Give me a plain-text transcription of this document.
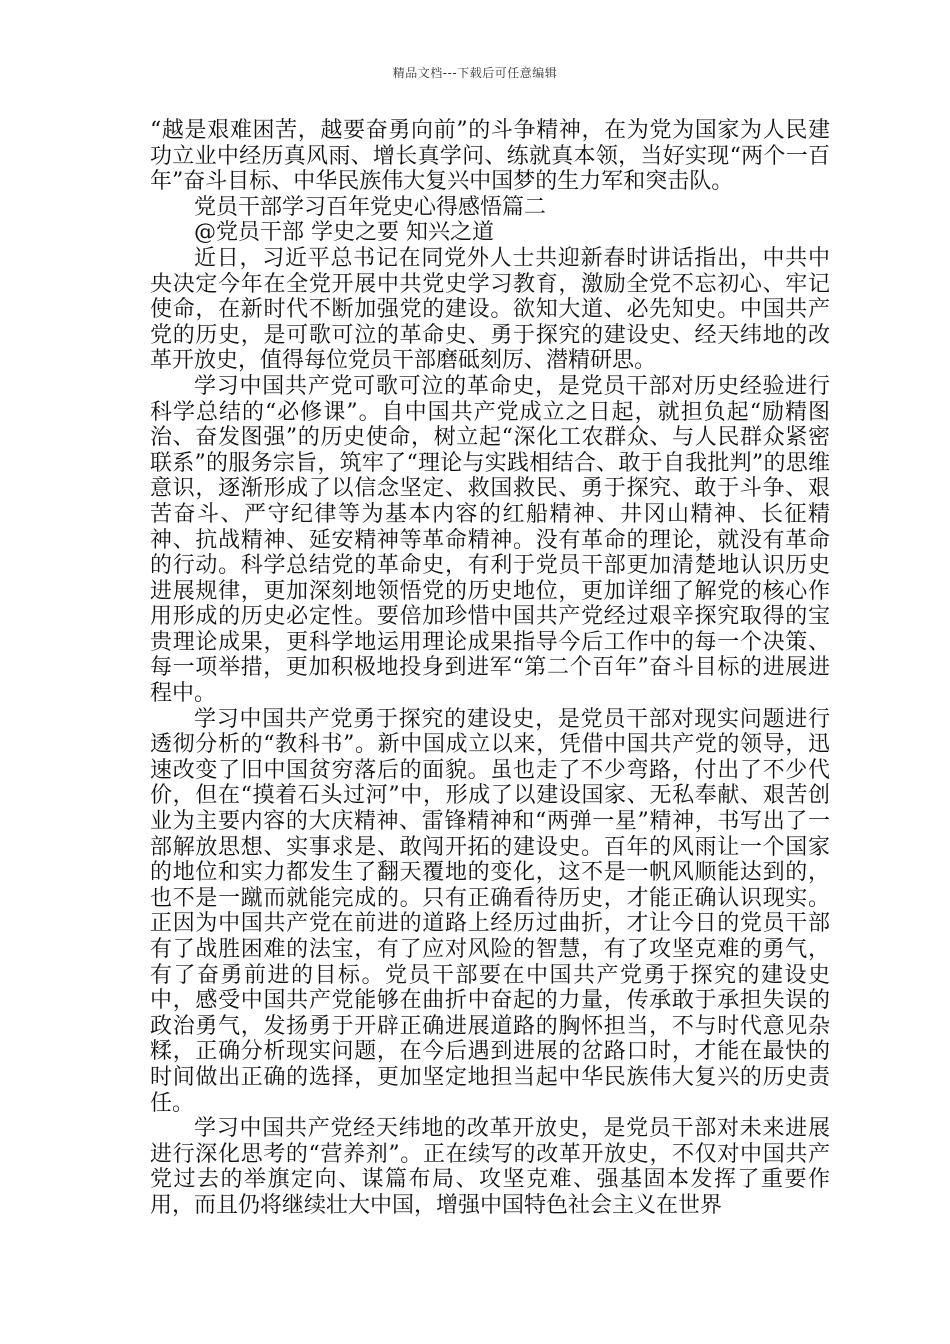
精品文档---下载后可任意编辑

“越是艰难困苦，越要奋勇向前”的斗争精神，在为党为国家为人民建功立业中经历真风雨、增长真学问、练就真本领，当好实现“两个一百年”奋斗目标、中华民族伟大复兴中国梦的生力军和突击队。

党员干部学习百年党史心得感悟篇二

@党员干部 学史之要 知兴之道

近日，习近平总书记在同党外人士共迎新春时讲话指出，中共中央决定今年在全党开展中共党史学习教育，激励全党不忘初心、牢记使命，在新时代不断加强党的建设。欲知大道、必先知史。中国共产党的历史，是可歌可泣的革命史、勇于探究的建设史、经天纬地的改革开放史，值得每位党员干部磨砥刻厉、潜精研思。

学习中国共产党可歌可泣的革命史，是党员干部对历史经验进行科学总结的“必修课”。自中国共产党成立之日起，就担负起“励精图治、奋发图强”的历史使命，树立起“深化工农群众、与人民群众紧密联系”的服务宗旨，筑牢了“理论与实践相结合、敢于自我批判”的思维意识，逐渐形成了以信念坚定、救国救民、勇于探究、敢于斗争、艰苦奋斗、严守纪律等为基本内容的红船精神、井冈山精神、长征精神、抗战精神、延安精神等革命精神。没有革命的理论，就没有革命的行动。科学总结党的革命史，有利于党员干部更加清楚地认识历史进展规律，更加深刻地领悟党的历史地位，更加详细了解党的核心作用形成的历史必定性。要倍加珍惜中国共产党经过艰辛探究取得的宝贵理论成果，更科学地运用理论成果指导今后工作中的每一个决策、每一项举措，更加积极地投身到进军“第二个百年”奋斗目标的进展进程中。

学习中国共产党勇于探究的建设史，是党员干部对现实问题进行透彻分析的“教科书”。新中国成立以来，凭借中国共产党的领导，迅速改变了旧中国贫穷落后的面貌。虽也走了不少弯路，付出了不少代价，但在“摸着石头过河”中，形成了以建设国家、无私奉献、艰苦创业为主要内容的大庆精神、雷锋精神和“两弹一星”精神，书写出了一部解放思想、实事求是、敢闯开拓的建设史。百年的风雨让一个国家的地位和实力都发生了翻天覆地的变化，这不是一帆风顺能达到的，也不是一蹴而就能完成的。只有正确看待历史，才能正确认识现实。正因为中国共产党在前进的道路上经历过曲折，才让今日的党员干部有了战胜困难的法宝，有了应对风险的智慧，有了攻坚克难的勇气，有了奋勇前进的目标。党员干部要在中国共产党勇于探究的建设史中，感受中国共产党能够在曲折中奋起的力量，传承敢于承担失误的政治勇气，发扬勇于开辟正确进展道路的胸怀担当，不与时代意见杂糅，正确分析现实问题，在今后遇到进展的岔路口时，才能在最快的时间做出正确的选择，更加坚定地担当起中华民族伟大复兴的历史责任。

学习中国共产党经天纬地的改革开放史，是党员干部对未来进展进行深化思考的“营养剂”。正在续写的改革开放史，不仅对中国共产党过去的举旗定向、谋篇布局、攻坚克难、强基固本发挥了重要作用，而且仍将继续壮大中国，增强中国特色社会主义在世界
